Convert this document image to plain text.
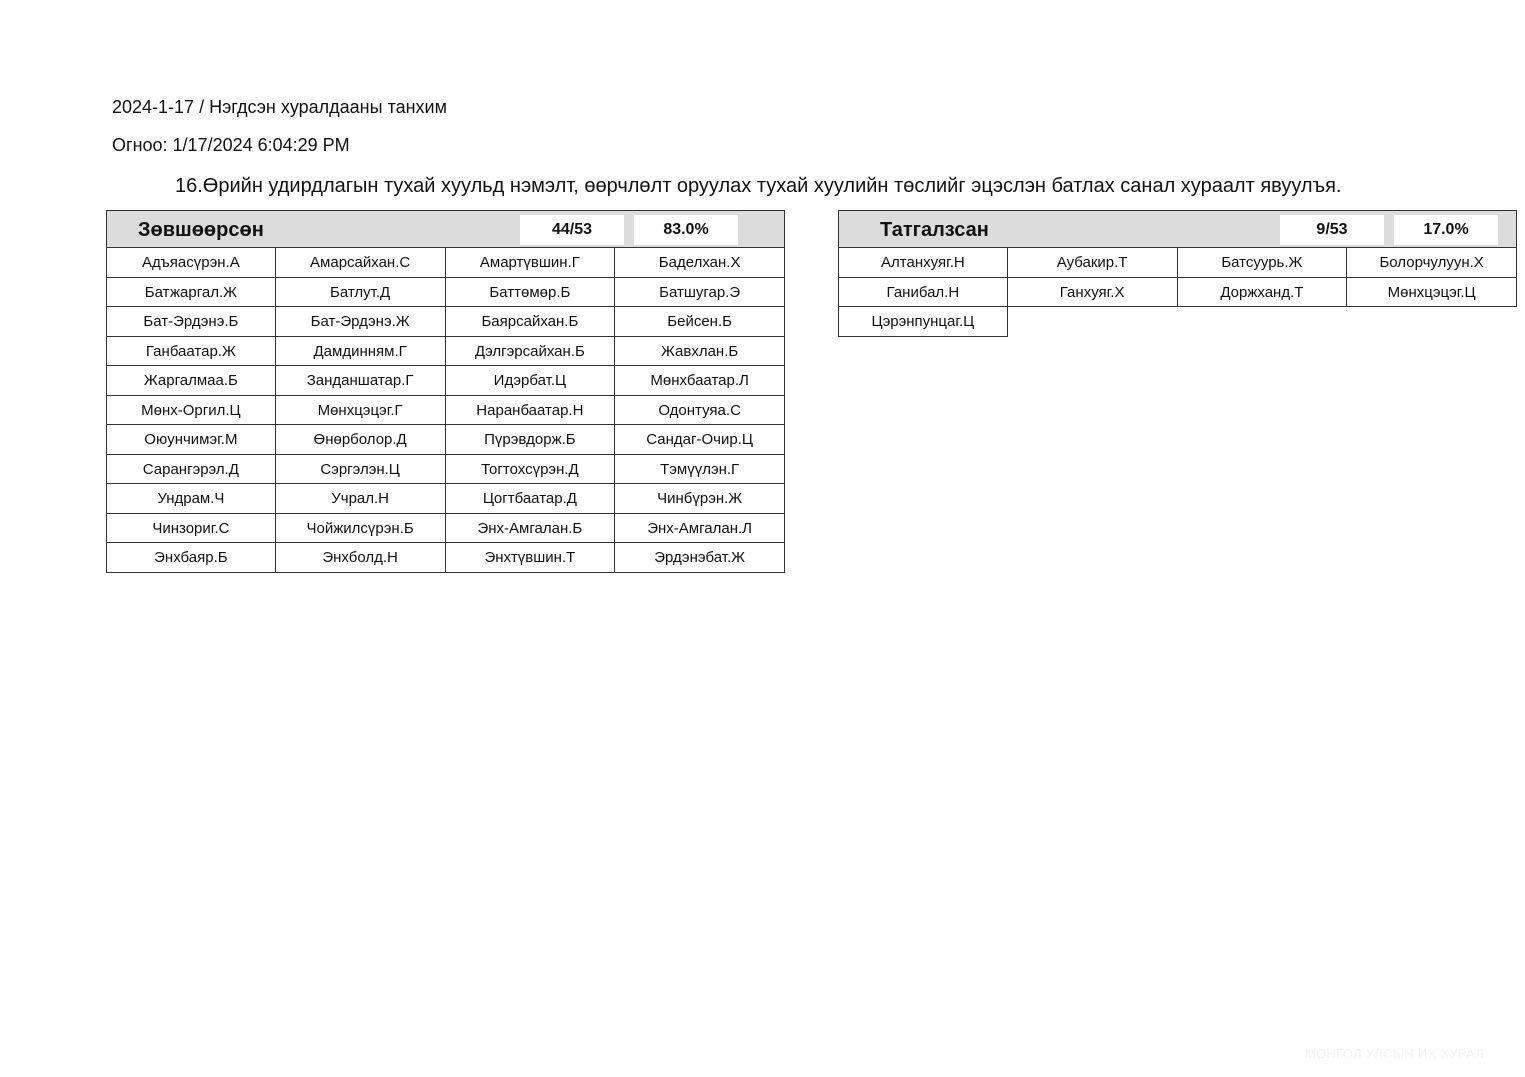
2024-1-17 / Нэгдсэн хуралдааны танхим
Огноо: 1/17/2024 6:04:29 PM
16.Өрийн удирдлагын тухай хуульд нэмэлт, өөрчлөлт оруулах тухай хуулийн төслийг эцэслэн батлах санал хураалт явуулъя.
Зөвшөөрсөн	44/53	83.0%
Адъяасүрэн.А	Амарсайхан.С	Амартүвшин.Г	Баделхан.Х
Батжаргал.Ж	Батлут.Д	Баттөмөр.Б	Батшугар.Э
Бат-Эрдэнэ.Б	Бат-Эрдэнэ.Ж	Баярсайхан.Б	Бейсен.Б
Ганбаатар.Ж	Дамдинням.Г	Дэлгэрсайхан.Б	Жавхлан.Б
Жаргалмаа.Б	Занданшатар.Г	Идэрбат.Ц	Мөнхбаатар.Л
Мөнх-Оргил.Ц	Мөнхцэцэг.Г	Наранбаатар.Н	Одонтуяа.С
Оюунчимэг.М	Өнөрболор.Д	Пүрэвдорж.Б	Сандаг-Очир.Ц
Сарангэрэл.Д	Сэргэлэн.Ц	Тогтохсүрэн.Д	Тэмүүлэн.Г
Ундрам.Ч	Учрал.Н	Цогтбаатар.Д	Чинбүрэн.Ж
Чинзориг.С	Чойжилсүрэн.Б	Энх-Амгалан.Б	Энх-Амгалан.Л
Энхбаяр.Б	Энхболд.Н	Энхтүвшин.Т	Эрдэнэбат.Ж
Татгалзсан	9/53	17.0%
Алтанхуяг.Н	Аубакир.Т	Батсуурь.Ж	Болорчулуун.Х
Ганибал.Н	Ганхуяг.Х	Доржханд.Т	Мөнхцэцэг.Ц
Цэрэнпунцаг.Ц
МОНГОЛ УЛСЫН ИХ ХУРАЛ
